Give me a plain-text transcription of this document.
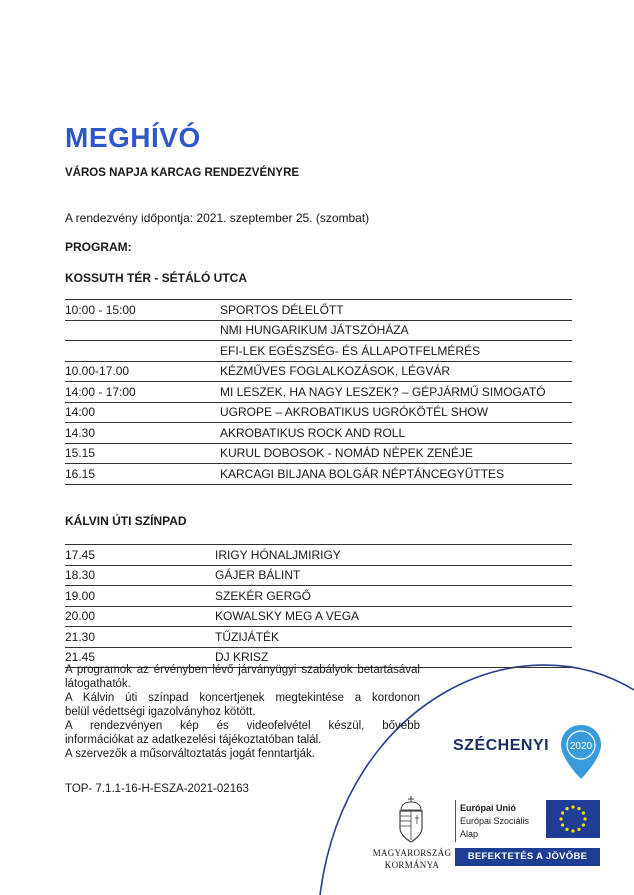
MEGHÍVÓ
VÁROS NAPJA KARCAG RENDEZVÉNYRE
A rendezvény időpontja: 2021. szeptember 25. (szombat)
PROGRAM:
KOSSUTH TÉR - SÉTÁLÓ UTCA
10:00 - 15:00	SPORTOS DÉLELŐTT
	NMI HUNGARIKUM JÁTSZÓHÁZA
	EFI-LEK EGÉSZSÉG- ÉS ÁLLAPOTFELMÉRÉS
10.00-17.00	KÉZMŰVES FOGLALKOZÁSOK, LÉGVÁR
14:00 - 17:00	MI LESZEK, HA NAGY LESZEK? – GÉPJÁRMŰ SIMOGATÓ
14:00	UGROPE – AKROBATIKUS UGRÓKÖTÉL SHOW
14.30	AKROBATIKUS ROCK AND ROLL
15.15	KURUL DOBOSOK - NOMÁD NÉPEK ZENÉJE
16.15	KARCAGI BILJANA BOLGÁR NÉPTÁNCEGYÜTTES
KÁLVIN ÚTI SZÍNPAD
17.45	IRIGY HÓNALJMIRIGY
18.30	GÁJER BÁLINT
19.00	SZEKÉR GERGŐ
20.00	KOWALSKY MEG A VEGA
21.30	TŰZIJÁTÉK
21.45	DJ KRISZ

A programok az érvényben lévő járványügyi szabályok betartásával

látogathatók.

A Kálvin úti színpad koncertjenek megtekintése a kordonon

belül védettségi igazolványhoz kötött.

A rendezvényen kép és videofelvétel készül, bővebb

információkat az adatkezelési tájékoztatóban talál.

A szervezők a műsorváltoztatás jogát fenntartják.

TOP- 7.1.1-16-H-ESZA-2021-02163
SZÉCHENYI 2020
MAGYARORSZÁG
KORMÁNYA
Európai Unió
Európai Szociális
Alap
BEFEKTETÉS A JÖVŐBE
